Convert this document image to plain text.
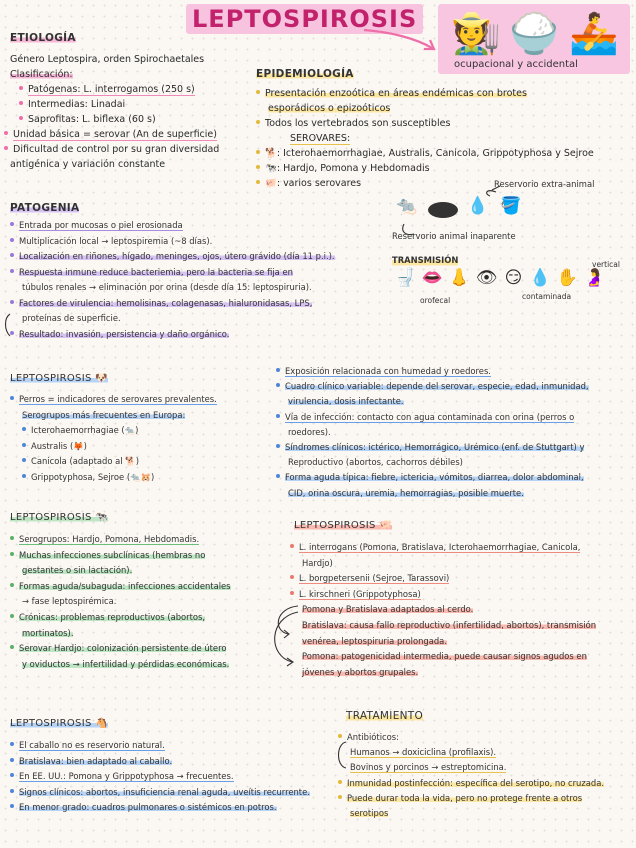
LEPTOSPIROSIS 🧑‍🌾 🍚 🚣
ocupacional y accidental
ETIOLOGÍA
Género Leptospira, orden Spirochaetales
Clasificación:
Patógenas: L. interrogamos (250 s)
Intermedias: Linadai
Saprofitas: L. biflexa (60 s)
Unidad básica = serovar (An de superficie)
Dificultad de control por su gran diversidad
antigénica y variación constante
EPIDEMIOLOGÍA
Presentación enzoótica en áreas endémicas con brotes
esporádicos o epizoóticos
Todos los vertebrados son susceptibles
SEROVARES:
🐕: Icterohaemorrhagiae, Australis, Canicola, Grippotyphosa y Sejroe
🐄: Hardjo, Pomona y Hebdomadis
🐖: varios serovares	Reservorio extra-animal
🐀	💧 🪣
Reservorio animal inaparente
TRANSMISIÓN
🚽 👄 👃 👁 😏 💧 ✋ 🤰
orofecal	contaminada
vertical
PATOGENIA
Entrada por mucosas o piel erosionada
Multiplicación local → leptospiremia (~8 días).
Localización en riñones, hígado, meninges, ojos, útero grávido (día 11 p.i.).
Respuesta inmune reduce bacteriemia, pero la bacteria se fija en
túbulos renales → eliminación por orina (desde día 15: leptospiruria).
Factores de virulencia: hemolisinas, colagenasas, hialuronidasas, LPS,
proteínas de superficie.
Resultado: invasión, persistencia y daño orgánico.
LEPTOSPIROSIS 🐶
Perros = indicadores de serovares prevalentes.
Serogrupos más frecuentes en Europa:
Icterohaemorrhagiae (🐀)
Australis (🦊)
Canicola (adaptado al 🐕)
Grippotyphosa, Sejroe (🐀🐹)
Exposición relacionada con humedad y roedores.
Cuadro clínico variable: depende del serovar, especie, edad, inmunidad,
virulencia, dosis infectante.
Vía de infección: contacto con agua contaminada con orina (perros o
roedores).
Síndromes clínicos: ictérico, Hemorrágico, Urémico (enf. de Stuttgart) y
Reproductivo (abortos, cachorros débiles)
Forma aguda típica: fiebre, ictericia, vómitos, diarrea, dolor abdominal,
CID, orina oscura, uremia, hemorragias, posible muerte.
LEPTOSPIROSIS 🐄
Serogrupos: Hardjo, Pomona, Hebdomadis.
Muchas infecciones subclínicas (hembras no
gestantes o sin lactación).
Formas aguda/subaguda: infecciones accidentales
→ fase leptospirémica.
Crónicas: problemas reproductivos (abortos,
mortinatos).
Serovar Hardjo: colonización persistente de útero
y oviductos → infertilidad y pérdidas económicas.
LEPTOSPIROSIS 🐖
L. interrogans (Pomona, Bratislava, Icterohaemorrhagiae, Canicola,
Hardjo)
L. borgpetersenii (Sejroe, Tarassovi)
L. kirschneri (Grippotyphosa)
Pomona y Bratislava adaptados al cerdo.
Bratislava: causa fallo reproductivo (infertilidad, abortos), transmisión
venérea, leptospiruria prolongada.
Pomona: patogenicidad intermedia, puede causar signos agudos en
jóvenes y abortos grupales.
LEPTOSPIROSIS 🐴
El caballo no es reservorio natural.
Bratislava: bien adaptado al caballo.
En EE. UU.: Pomona y Grippotyphosa → frecuentes.
Signos clínicos: abortos, insuficiencia renal aguda, uveítis recurrente.
En menor grado: cuadros pulmonares o sistémicos en potros.
TRATAMIENTO
Antibióticos:
Humanos → doxiciclina (profilaxis).
Bovinos y porcinos → estreptomicina.
Inmunidad postinfección: específica del serotipo, no cruzada.
Puede durar toda la vida, pero no protege frente a otros
serotipos
